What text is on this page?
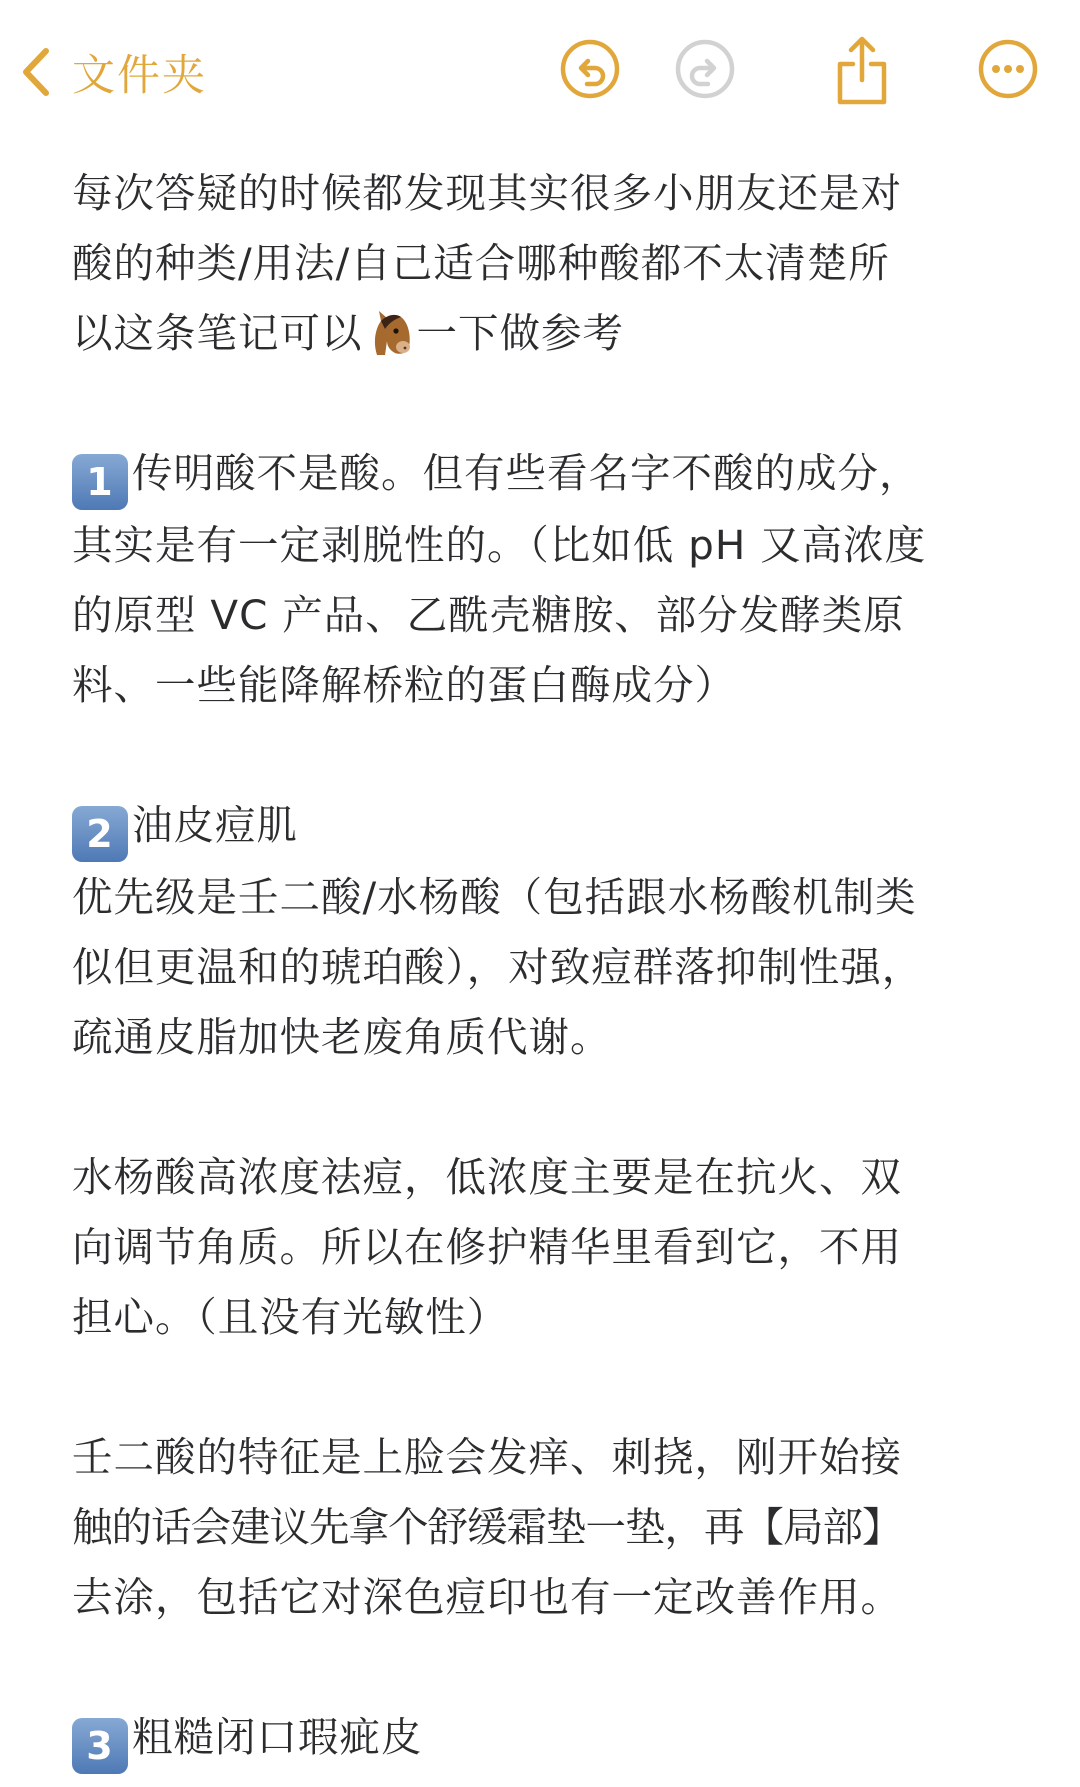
文件夹
每次答疑的时候都发现其实很多小朋友还是对
酸的种类/用法/自己适合哪种酸都不太清楚所
以这条笔记可以 一下做参考
1 传明酸不是酸。但有些看名字不酸的成分，
其实是有一定剥脱性的。（比如低 pH 又高浓度
的原型 VC 产品、乙酰壳糖胺、部分发酵类原
料、一些能降解桥粒的蛋白酶成分）
2 油皮痘肌
优先级是壬二酸/水杨酸（包括跟水杨酸机制类
似但更温和的琥珀酸），对致痘群落抑制性强，
疏通皮脂加快老废角质代谢。
水杨酸高浓度祛痘，低浓度主要是在抗火、双
向调节角质。所以在修护精华里看到它，不用
担心。（且没有光敏性）
壬二酸的特征是上脸会发痒、刺挠，刚开始接
触的话会建议先拿个舒缓霜垫一垫，再【局部】
去涂，包括它对深色痘印也有一定改善作用。
3 粗糙闭口瑕疵皮
